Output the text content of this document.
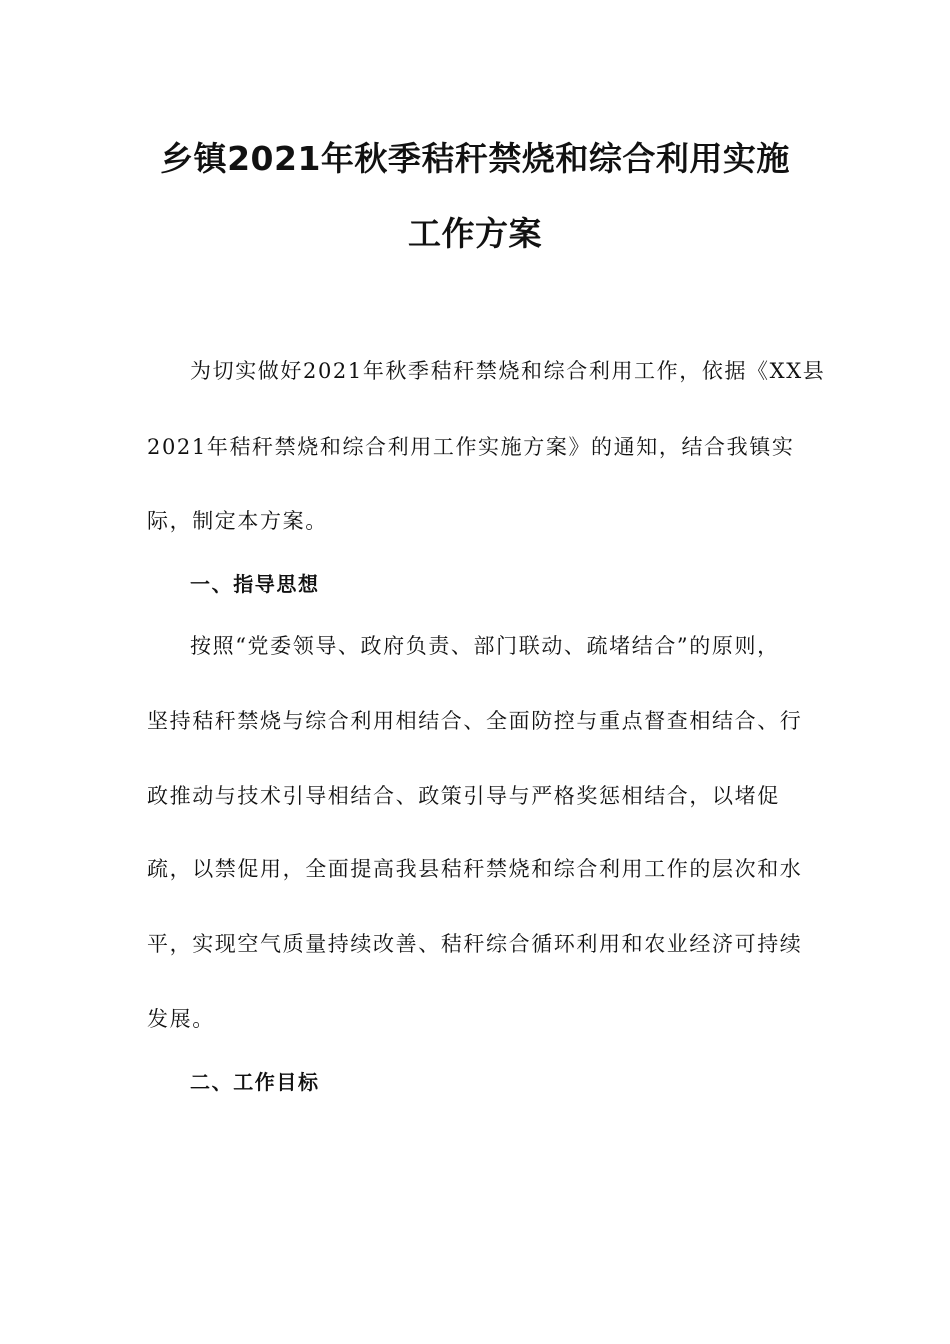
乡镇2021年秋季秸秆禁烧和综合利用实施
工作方案
为切实做好2021年秋季秸秆禁烧和综合利用工作，依据《XX县
2021年秸秆禁烧和综合利用工作实施方案》的通知，结合我镇实
际，制定本方案。
一、指导思想
按照“党委领导、政府负责、部门联动、疏堵结合”的原则，
坚持秸秆禁烧与综合利用相结合、全面防控与重点督查相结合、行
政推动与技术引导相结合、政策引导与严格奖惩相结合，以堵促
疏，以禁促用，全面提高我县秸秆禁烧和综合利用工作的层次和水
平，实现空气质量持续改善、秸秆综合循环利用和农业经济可持续
发展。
二、工作目标
